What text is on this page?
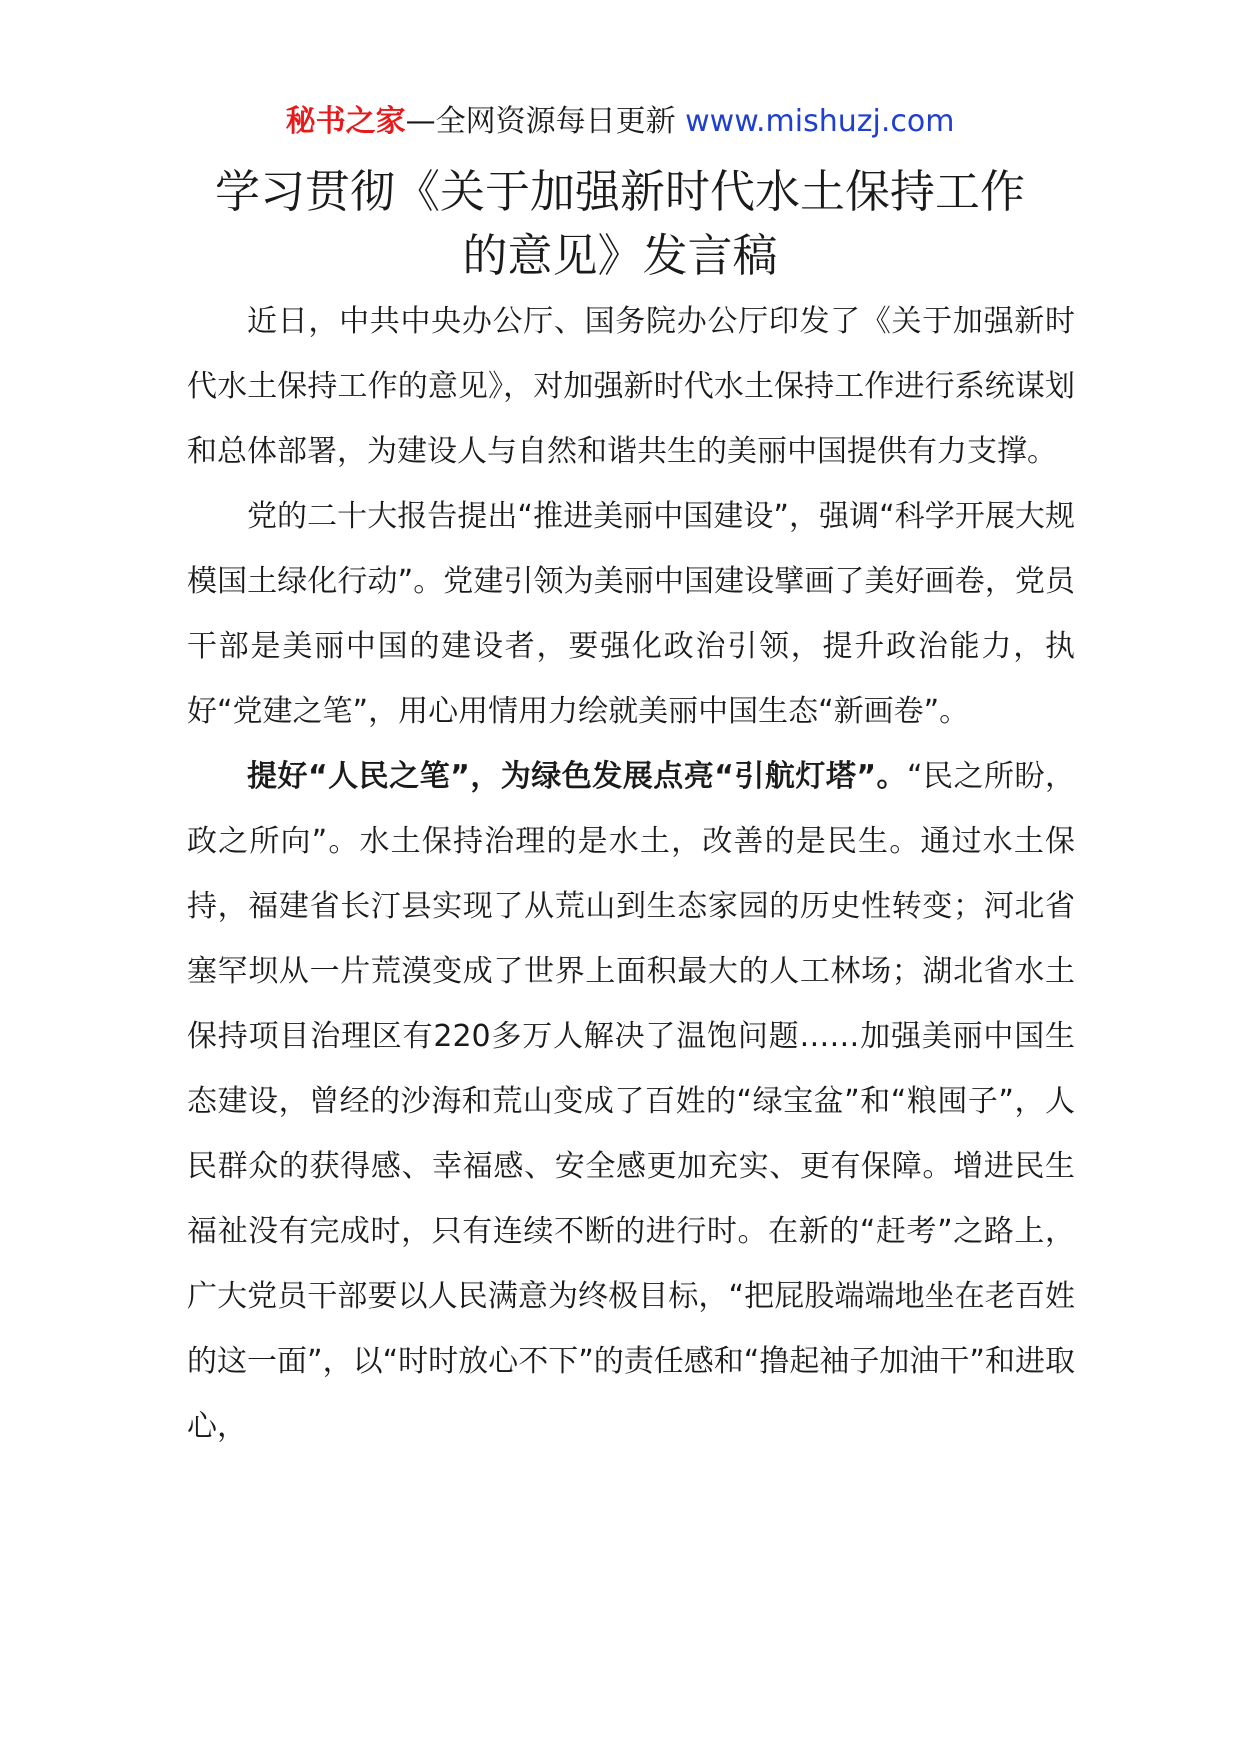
秘书之家—全网资源每日更新 www.mishuzj.com
学习贯彻《关于加强新时代水土保持工作
的意见》发言稿

近日，中共中央办公厅、国务院办公厅印发了《关于加强新时代水土保持工作的意见》，对加强新时代水土保持工作进行系统谋划和总体部署，为建设人与自然和谐共生的美丽中国提供有力支撑。

党的二十大报告提出“推进美丽中国建设”，强调“科学开展大规模国土绿化行动”。党建引领为美丽中国建设擘画了美好画卷，党员干部是美丽中国的建设者，要强化政治引领，提升政治能力，执好“党建之笔”，用心用情用力绘就美丽中国生态“新画卷”。

提好“人民之笔”，为绿色发展点亮“引航灯塔”。“民之所盼，政之所向”。水土保持治理的是水土，改善的是民生。通过水土保持，福建省长汀县实现了从荒山到生态家园的历史性转变；河北省塞罕坝从一片荒漠变成了世界上面积最大的人工林场；湖北省水土保持项目治理区有220多万人解决了温饱问题……加强美丽中国生态建设，曾经的沙海和荒山变成了百姓的“绿宝盆”和“粮囤子”，人民群众的获得感、幸福感、安全感更加充实、更有保障。增进民生福祉没有完成时，只有连续不断的进行时。在新的“赶考”之路上，广大党员干部要以人民满意为终极目标，“把屁股端端地坐在老百姓的这一面”，以“时时放心不下”的责任感和“撸起袖子加油干”和进取心，
